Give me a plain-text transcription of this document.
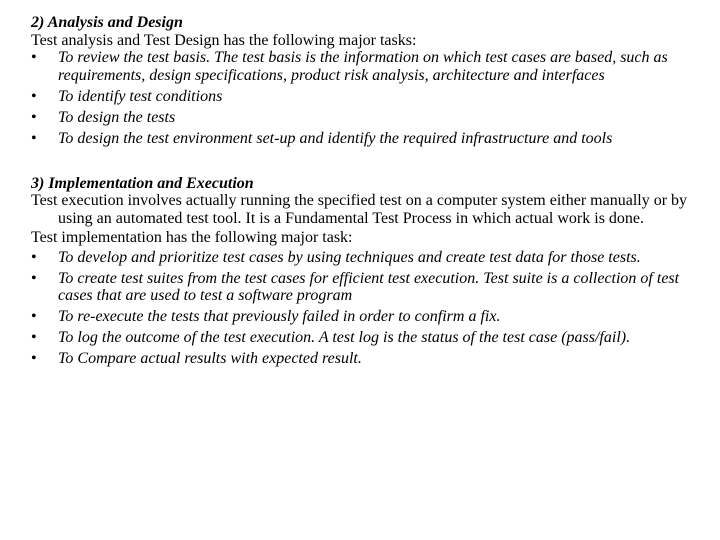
2) Analysis and Design

Test analysis and Test Design has the following major tasks:

• To review the test basis. The test basis is the information on which test cases are based, such as requirements, design specifications, product risk analysis, architecture and interfaces
• To identify test conditions
• To design the tests
• To design the test environment set-up and identify the required infrastructure and tools

3) Implementation and Execution

Test execution involves actually running the specified test on a computer system either manually or by using an automated test tool. It is a Fundamental Test Process in which actual work is done.

Test implementation has the following major task:

• To develop and prioritize test cases by using techniques and create test data for those tests.
• To create test suites from the test cases for efficient test execution. Test suite is a collection of test cases that are used to test a software program
• To re-execute the tests that previously failed in order to confirm a fix.
• To log the outcome of the test execution. A test log is the status of the test case (pass/fail).
• To Compare actual results with expected result.
